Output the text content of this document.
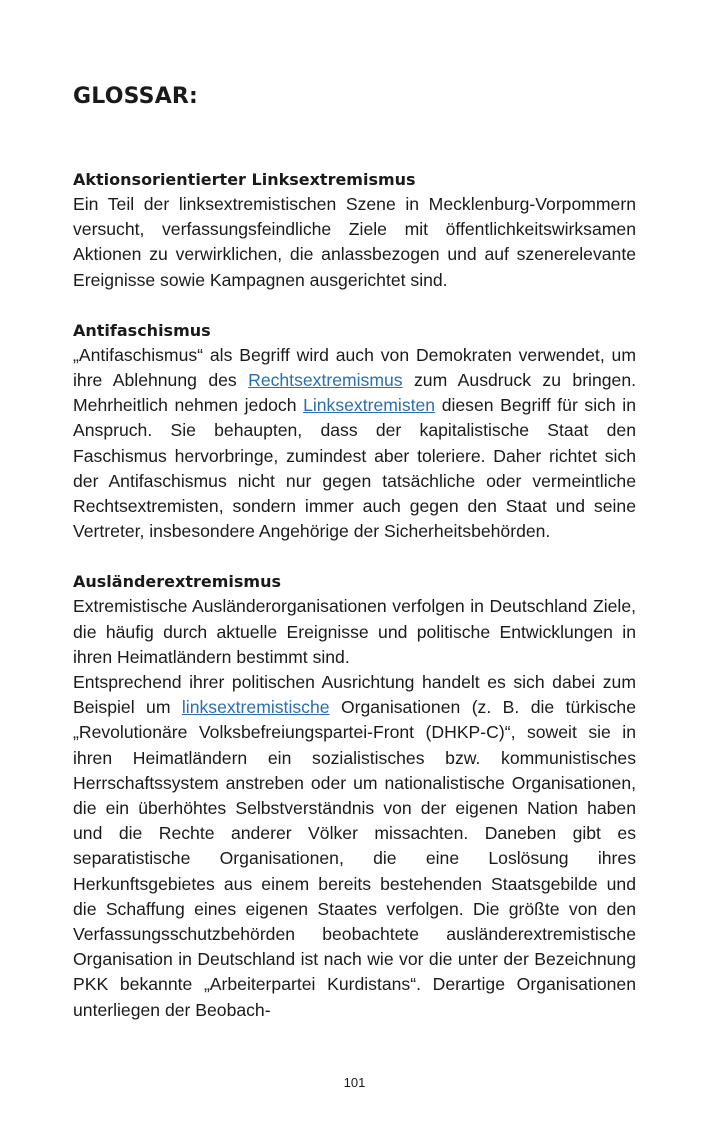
GLOSSAR:
Aktionsorientierter Linksextremismus

Ein Teil der linksextremistischen Szene in Mecklenburg-Vorpommern versucht, verfassungsfeindliche Ziele mit öffentlichkeitswirksamen Aktionen zu verwirklichen, die anlassbezogen und auf szenerelevante Ereignisse sowie Kampagnen ausgerichtet sind.

Antifaschismus

„Antifaschismus“ als Begriff wird auch von Demokraten verwendet, um ihre Ablehnung des Rechtsextremismus zum Ausdruck zu bringen. Mehrheitlich nehmen jedoch Linksextremisten diesen Begriff für sich in Anspruch. Sie behaupten, dass der kapitalistische Staat den Faschismus hervorbringe, zumindest aber toleriere. Daher richtet sich der Antifaschismus nicht nur gegen tatsächliche oder vermeintliche Rechtsextremisten, sondern immer auch gegen den Staat und seine Vertreter, insbesondere Angehörige der Sicherheitsbehörden.

Ausländerextremismus

Extremistische Ausländerorganisationen verfolgen in Deutschland Ziele, die häufig durch aktuelle Ereignisse und politische Entwicklungen in ihren Heimatländern bestimmt sind.

Entsprechend ihrer politischen Ausrichtung handelt es sich dabei zum Beispiel um linksextremistische Organisationen (z. B. die türkische „Revolutionäre Volksbefreiungspartei-Front (DHKP-C)“, soweit sie in ihren Heimatländern ein sozialistisches bzw. kommunistisches Herrschaftssystem anstreben oder um nationalistische Organisationen, die ein überhöhtes Selbstverständnis von der eigenen Nation haben und die Rechte anderer Völker missachten. Daneben gibt es separatistische Organisationen, die eine Loslösung ihres Herkunftsgebietes aus einem bereits bestehenden Staatsgebilde und die Schaffung eines eigenen Staates verfolgen. Die größte von den Verfassungsschutzbehörden beobachtete ausländerextremistische Organisation in Deutschland ist nach wie vor die unter der Bezeichnung PKK bekannte „Arbeiterpartei Kurdistans“. Derartige Organisationen unterliegen der Beobach-

101
